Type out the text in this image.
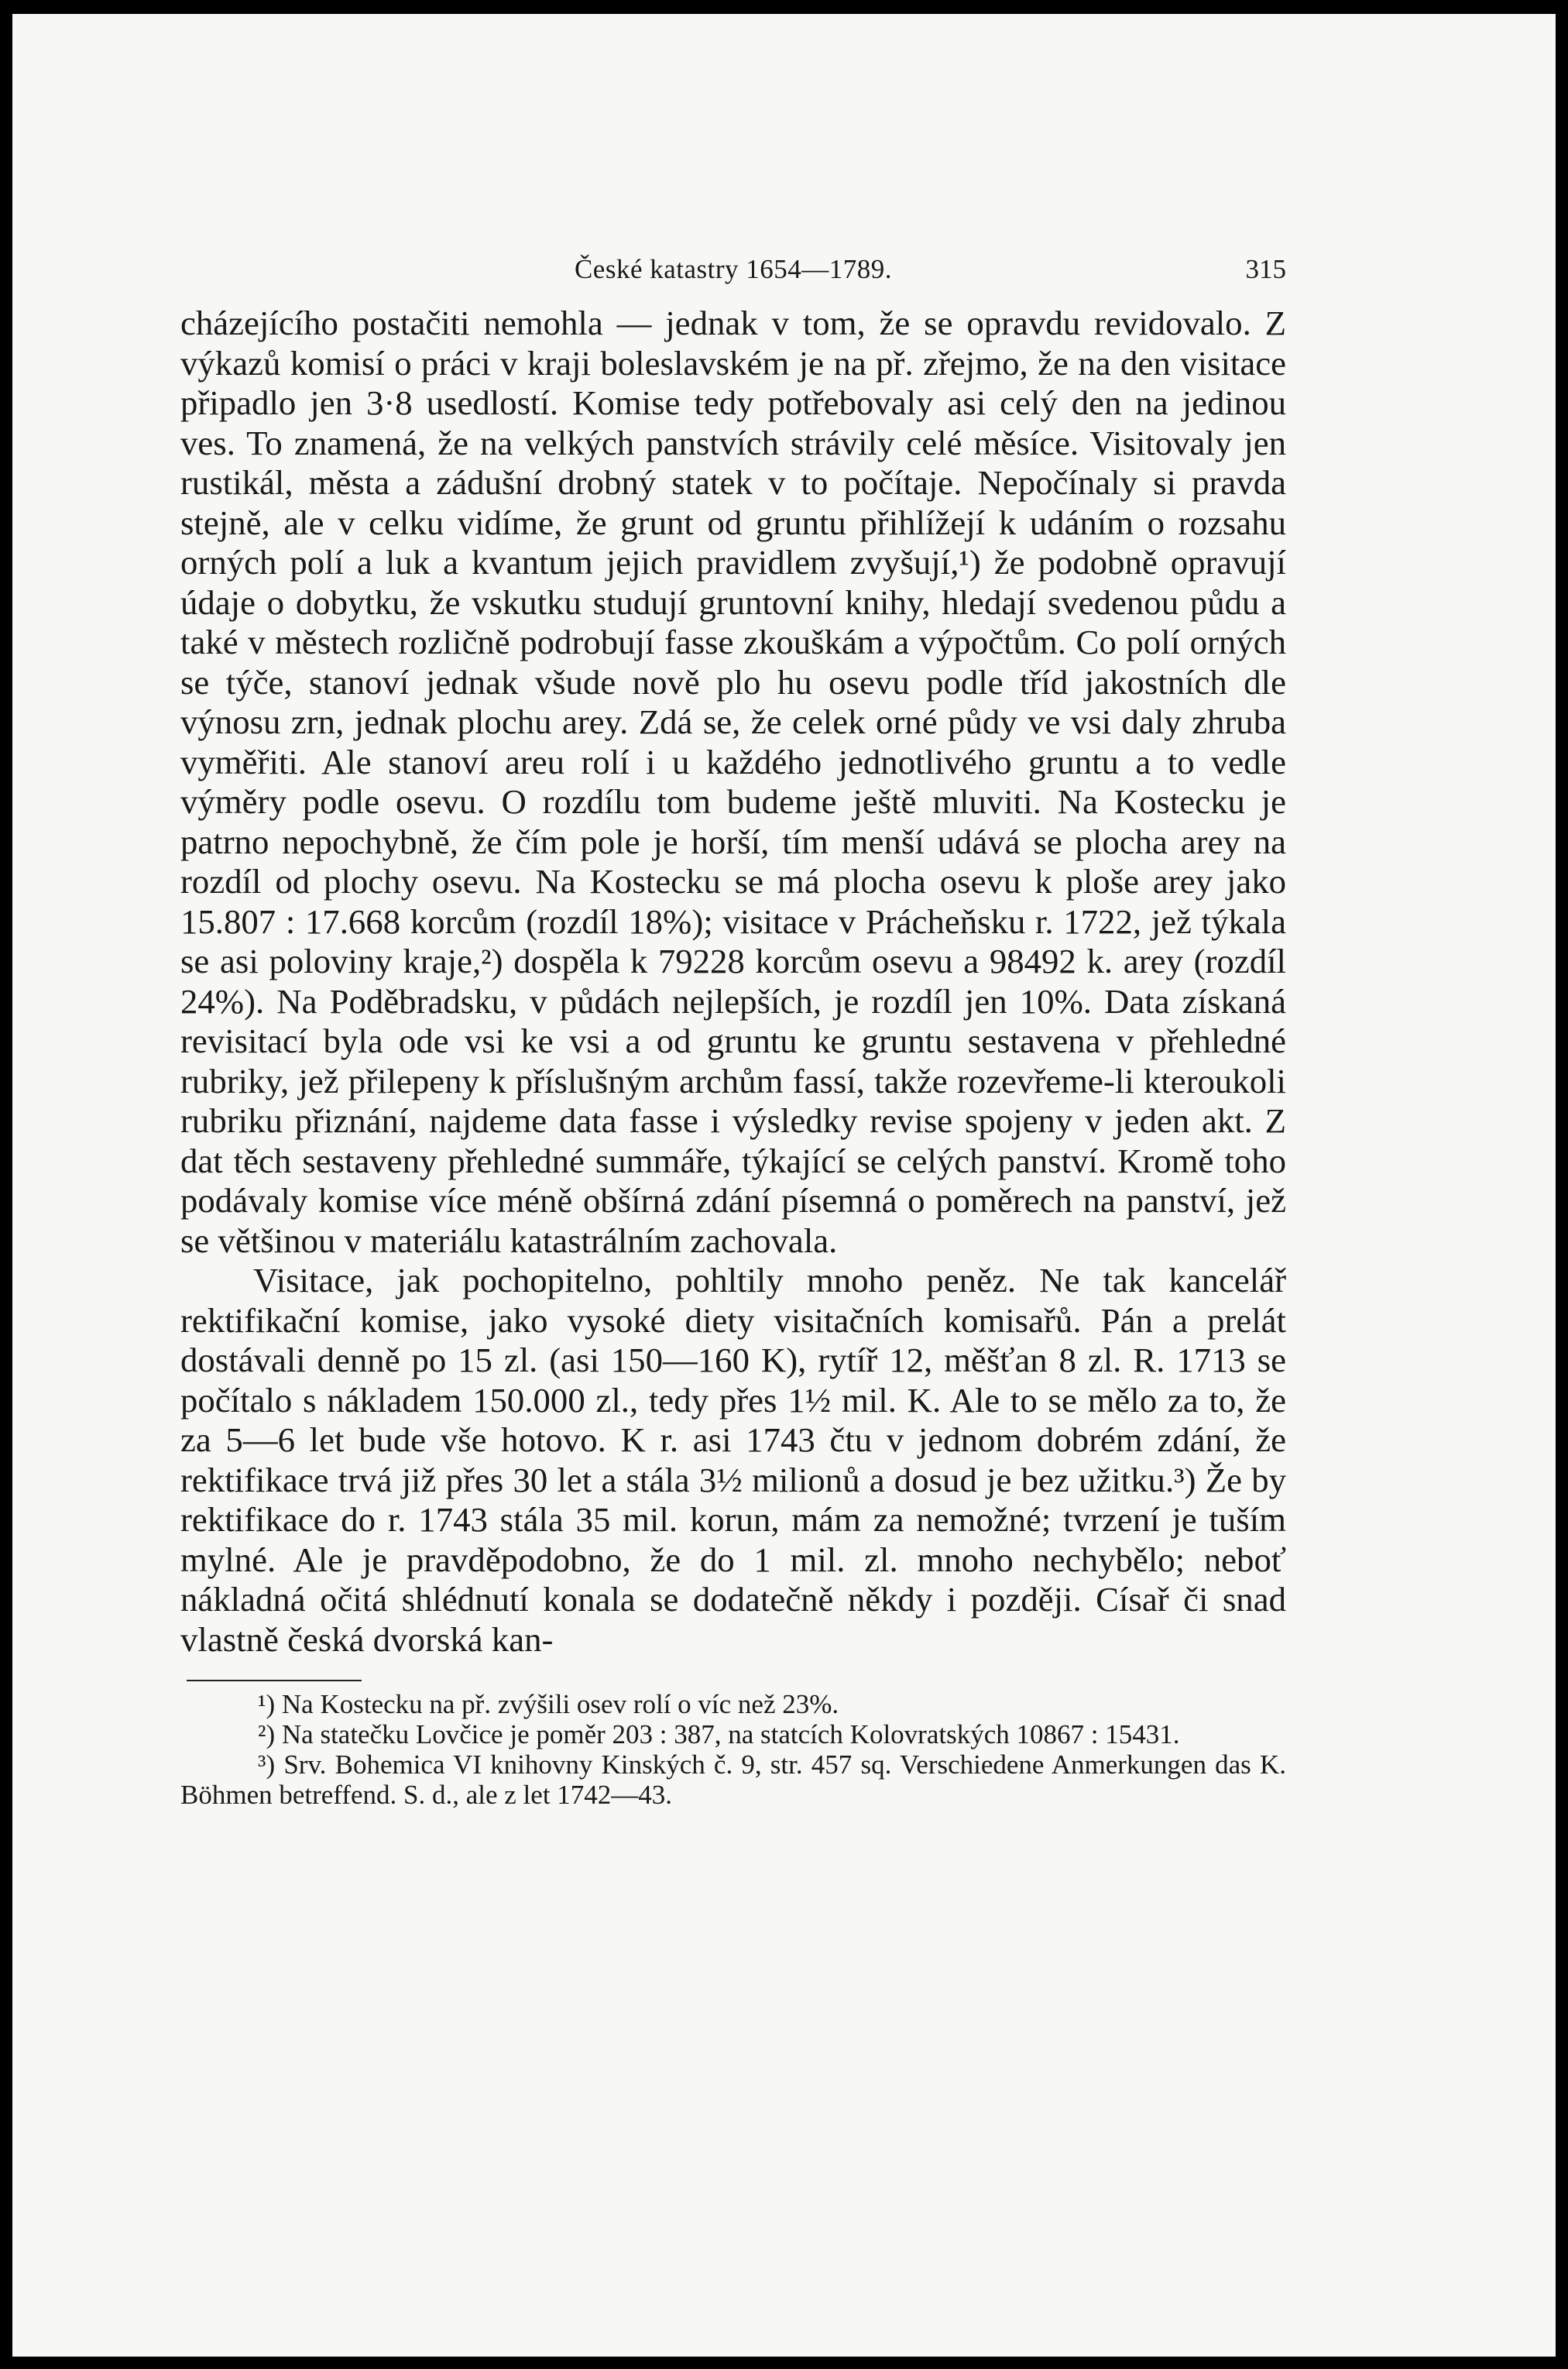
České katastry 1654—1789.	315

cházejícího postačiti nemohla — jednak v tom, že se opravdu revidovalo. Z výkazů komisí o práci v kraji boleslavském je na př. zřejmo, že na den visitace připadlo jen 3·8 usedlostí. Komise tedy potřebovaly asi celý den na jedinou ves. To znamená, že na velkých panstvích strávily celé měsíce. Visitovaly jen rustikál, města a zádušní drobný statek v to počítaje. Nepočínaly si pravda stejně, ale v celku vidíme, že grunt od gruntu přihlížejí k udáním o rozsahu orných polí a luk a kvantum jejich pravidlem zvyšují,¹) že podobně opravují údaje o dobytku, že vskutku studují gruntovní knihy, hledají svedenou půdu a také v městech rozličně podrobují fasse zkouškám a výpočtům. Co polí orných se týče, stanoví jednak všude nově plo hu osevu podle tříd jakostních dle výnosu zrn, jednak plochu arey. Zdá se, že celek orné půdy ve vsi daly zhruba vyměřiti. Ale stanoví areu rolí i u každého jednotlivého gruntu a to vedle výměry podle osevu. O rozdílu tom budeme ještě mluviti. Na Kostecku je patrno nepochybně, že čím pole je horší, tím menší udává se plocha arey na rozdíl od plochy osevu. Na Kostecku se má plocha osevu k ploše arey jako 15.807 : 17.668 korcům (rozdíl 18%); visitace v Prácheňsku r. 1722, jež týkala se asi poloviny kraje,²) dospěla k 79228 korcům osevu a 98492 k. arey (rozdíl 24%). Na Poděbradsku, v půdách nejlepších, je rozdíl jen 10%. Data získaná revisitací byla ode vsi ke vsi a od gruntu ke gruntu sestavena v přehledné rubriky, jež přilepeny k příslušným archům fassí, takže rozevřeme-li kteroukoli rubriku přiznání, najdeme data fasse i výsledky revise spojeny v jeden akt. Z dat těch sestaveny přehledné summáře, týkající se celých panství. Kromě toho podávaly komise více méně obšírná zdání písemná o poměrech na panství, jež se většinou v materiálu katastrálním zachovala.

Visitace, jak pochopitelno, pohltily mnoho peněz. Ne tak kancelář rektifikační komise, jako vysoké diety visitačních komisařů. Pán a prelát dostávali denně po 15 zl. (asi 150—160 K), rytíř 12, měšťan 8 zl. R. 1713 se počítalo s nákladem 150.000 zl., tedy přes 1½ mil. K. Ale to se mělo za to, že za 5—6 let bude vše hotovo. K r. asi 1743 čtu v jednom dobrém zdání, že rektifikace trvá již přes 30 let a stála 3½ milionů a dosud je bez užitku.³) Že by rektifikace do r. 1743 stála 35 mil. korun, mám za nemožné; tvrzení je tuším mylné. Ale je pravděpodobno, že do 1 mil. zl. mnoho nechybělo; neboť nákladná očitá shlédnutí konala se dodatečně někdy i později. Císař či snad vlastně česká dvorská kan-

¹) Na Kostecku na př. zvýšili osev rolí o víc než 23%.

²) Na statečku Lovčice je poměr 203 : 387, na statcích Kolovratských 10867 : 15431.

³) Srv. Bohemica VI knihovny Kinských č. 9, str. 457 sq. Verschiedene Anmerkungen das K. Böhmen betreffend. S. d., ale z let 1742—43.
